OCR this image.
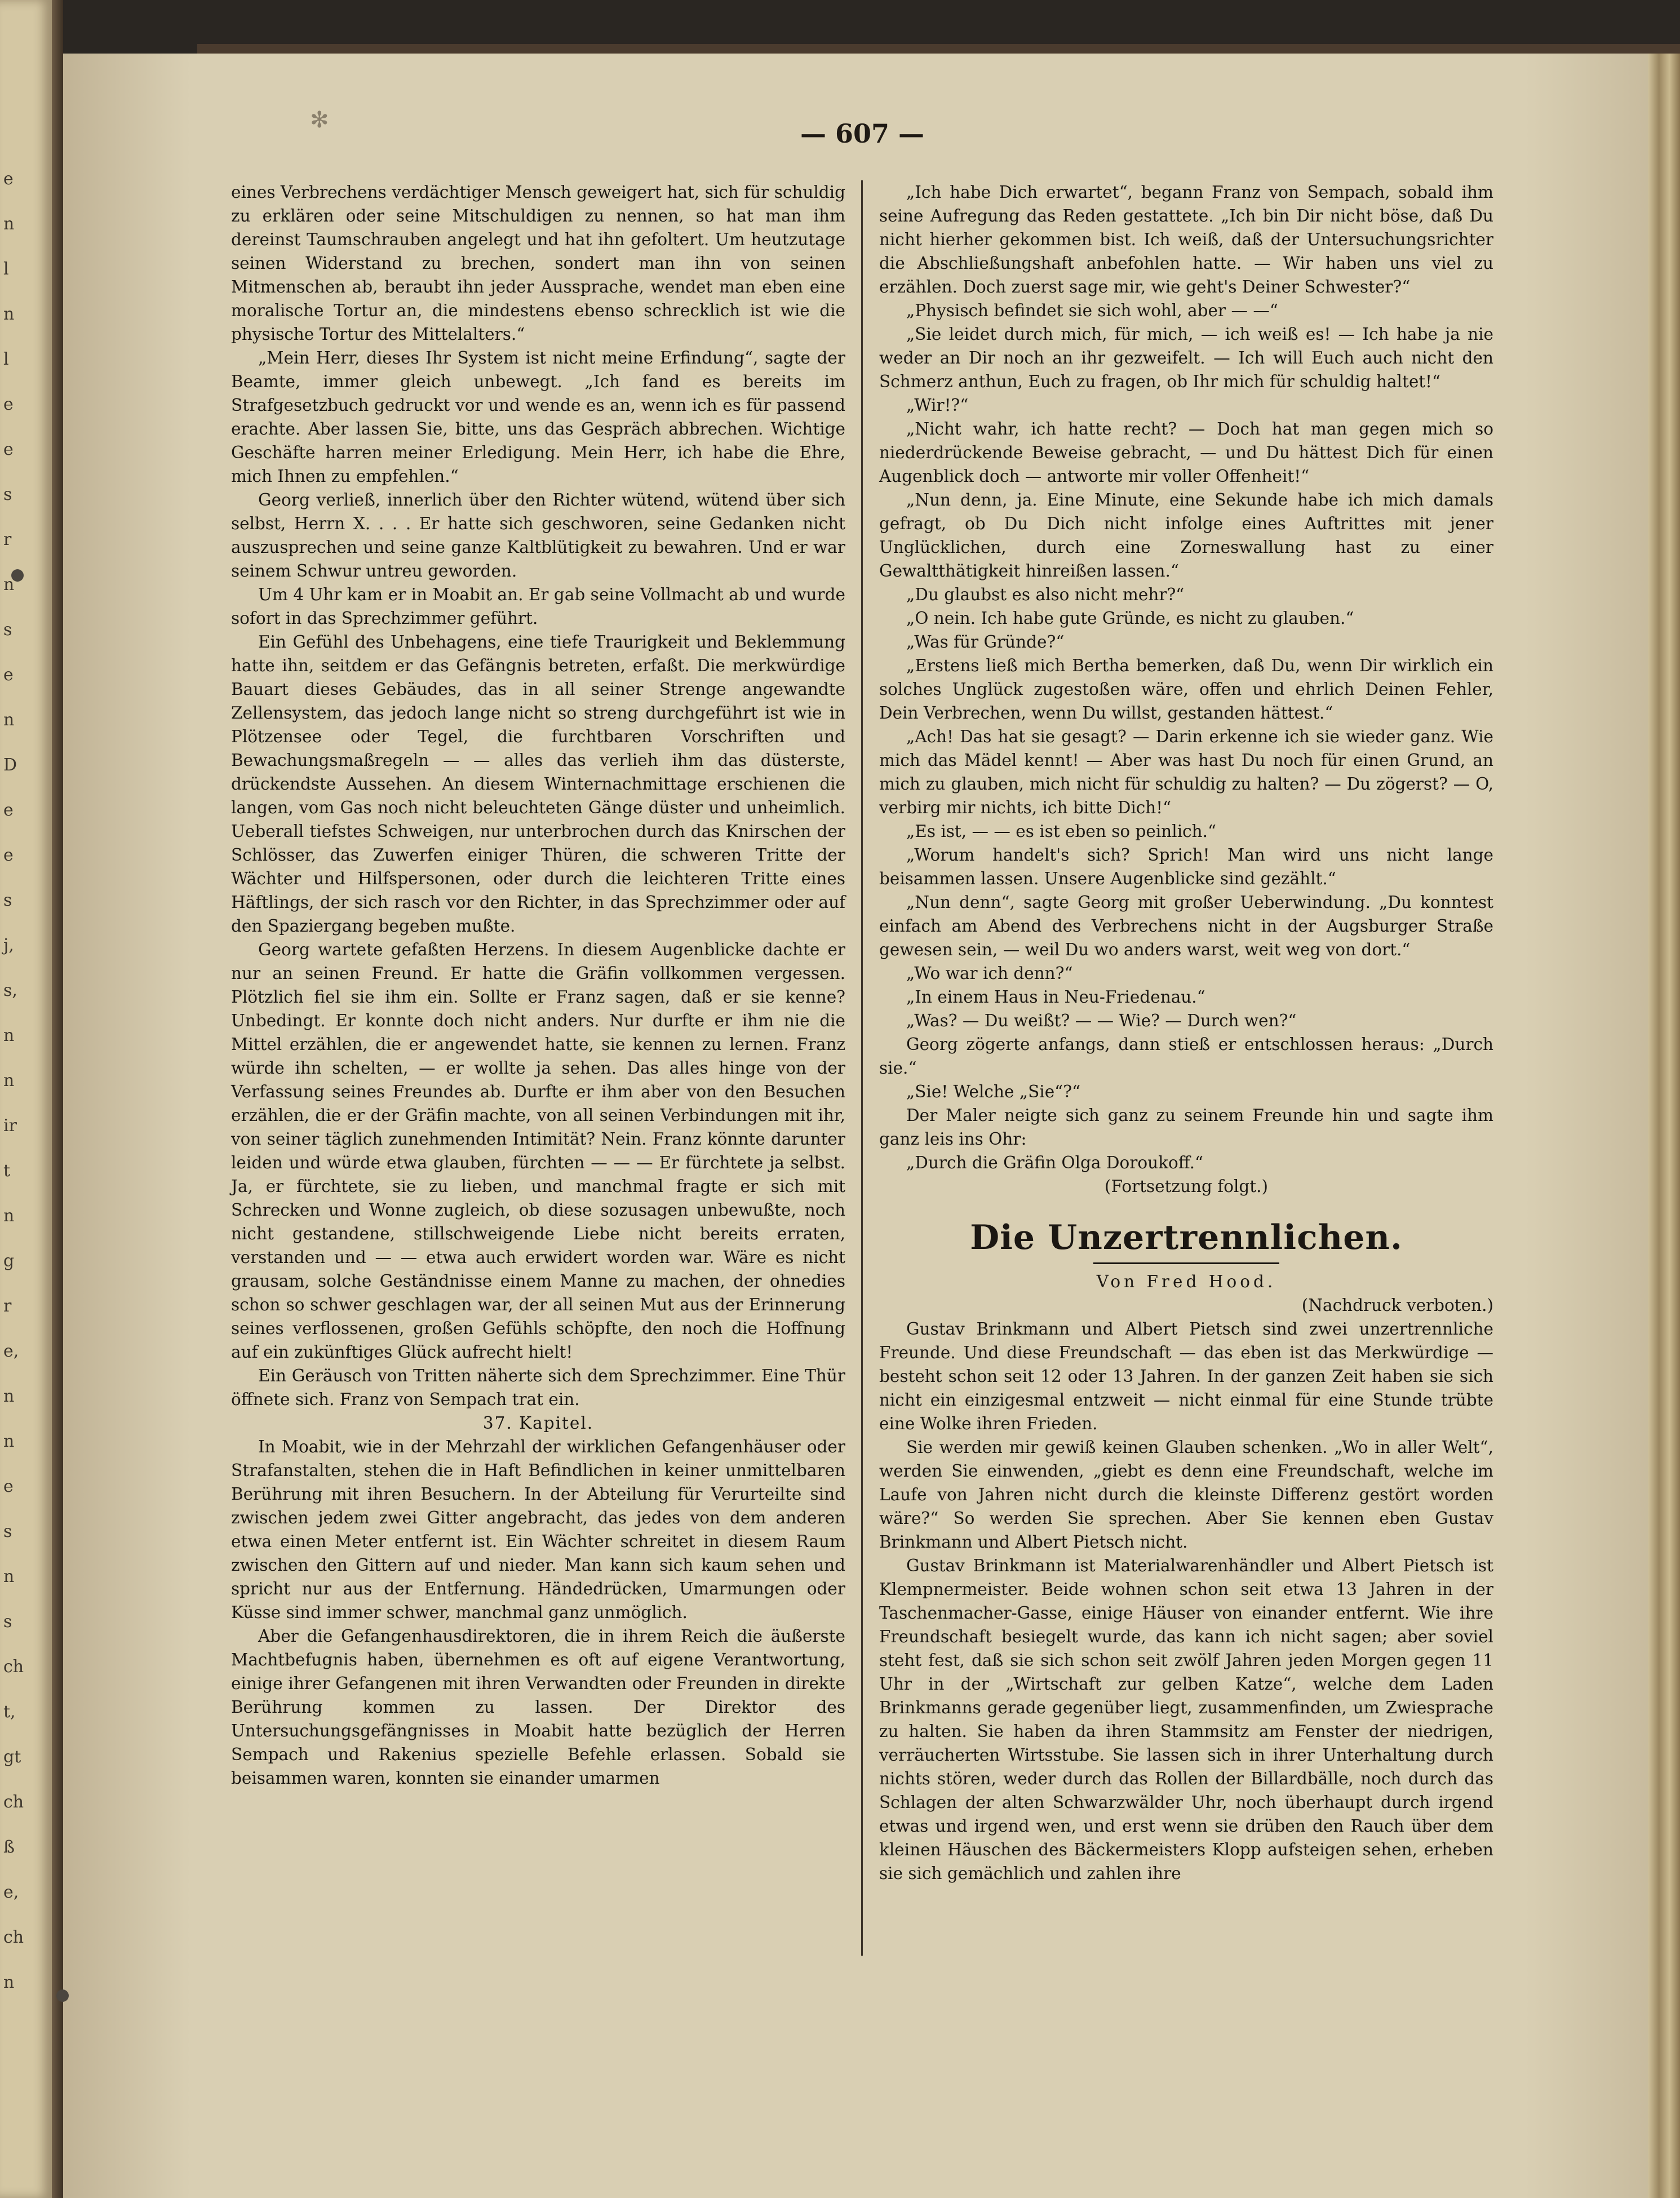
✻	— 607 —

eines Verbrechens verdächtiger Mensch geweigert hat, sich für schuldig zu erklären oder seine Mitschuldigen zu nennen, so hat man ihm dereinst Taumschrauben angelegt und hat ihn gefoltert. Um heutzutage seinen Widerstand zu brechen, sondert man ihn von seinen Mitmenschen ab, beraubt ihn jeder Aussprache, wendet man eben eine moralische Tortur an, die mindestens ebenso schrecklich ist wie die physische Tortur des Mittelalters.“

„Mein Herr, dieses Ihr System ist nicht meine Erfindung“, sagte der Beamte, immer gleich unbewegt. „Ich fand es bereits im Strafgesetzbuch gedruckt vor und wende es an, wenn ich es für passend erachte. Aber lassen Sie, bitte, uns das Gespräch abbrechen. Wichtige Geschäfte harren meiner Erledigung. Mein Herr, ich habe die Ehre, mich Ihnen zu empfehlen.“

Georg verließ, innerlich über den Richter wütend, wütend über sich selbst, Herrn X. . . . Er hatte sich geschworen, seine Gedanken nicht auszusprechen und seine ganze Kaltblütigkeit zu bewahren. Und er war seinem Schwur untreu geworden.

Um 4 Uhr kam er in Moabit an. Er gab seine Vollmacht ab und wurde sofort in das Sprechzimmer geführt.

Ein Gefühl des Unbehagens, eine tiefe Traurigkeit und Beklemmung hatte ihn, seitdem er das Gefängnis betreten, erfaßt. Die merkwürdige Bauart dieses Gebäudes, das in all seiner Strenge angewandte Zellensystem, das jedoch lange nicht so streng durchgeführt ist wie in Plötzensee oder Tegel, die furchtbaren Vorschriften und Bewachungsmaßregeln — — alles das verlieh ihm das düsterste, drückendste Aussehen. An diesem Winternachmittage erschienen die langen, vom Gas noch nicht beleuchteten Gänge düster und unheimlich. Ueberall tiefstes Schweigen, nur unterbrochen durch das Knirschen der Schlösser, das Zuwerfen einiger Thüren, die schweren Tritte der Wächter und Hilfspersonen, oder durch die leichteren Tritte eines Häftlings, der sich rasch vor den Richter, in das Sprechzimmer oder auf den Spaziergang begeben mußte.

Georg wartete gefaßten Herzens. In diesem Augenblicke dachte er nur an seinen Freund. Er hatte die Gräfin vollkommen vergessen. Plötzlich fiel sie ihm ein. Sollte er Franz sagen, daß er sie kenne? Unbedingt. Er konnte doch nicht anders. Nur durfte er ihm nie die Mittel erzählen, die er angewendet hatte, sie kennen zu lernen. Franz würde ihn schelten, — er wollte ja sehen. Das alles hinge von der Verfassung seines Freundes ab. Durfte er ihm aber von den Besuchen erzählen, die er der Gräfin machte, von all seinen Verbindungen mit ihr, von seiner täglich zunehmenden Intimität? Nein. Franz könnte darunter leiden und würde etwa glauben, fürchten — — — Er fürchtete ja selbst. Ja, er fürchtete, sie zu lieben, und manchmal fragte er sich mit Schrecken und Wonne zugleich, ob diese sozusagen unbewußte, noch nicht gestandene, stillschweigende Liebe nicht bereits erraten, verstanden und — — etwa auch erwidert worden war. Wäre es nicht grausam, solche Geständnisse einem Manne zu machen, der ohnedies schon so schwer geschlagen war, der all seinen Mut aus der Erinnerung seines verflossenen, großen Gefühls schöpfte, den noch die Hoffnung auf ein zukünftiges Glück aufrecht hielt!

Ein Geräusch von Tritten näherte sich dem Sprechzimmer. Eine Thür öffnete sich. Franz von Sempach trat ein.

37. Kapitel.

In Moabit, wie in der Mehrzahl der wirklichen Gefangenhäuser oder Strafanstalten, stehen die in Haft Befindlichen in keiner unmittelbaren Berührung mit ihren Besuchern. In der Abteilung für Verurteilte sind zwischen jedem zwei Gitter angebracht, das jedes von dem anderen etwa einen Meter entfernt ist. Ein Wächter schreitet in diesem Raum zwischen den Gittern auf und nieder. Man kann sich kaum sehen und spricht nur aus der Entfernung. Händedrücken, Umarmungen oder Küsse sind immer schwer, manchmal ganz unmöglich.

Aber die Gefangenhausdirektoren, die in ihrem Reich die äußerste Machtbefugnis haben, übernehmen es oft auf eigene Verantwortung, einige ihrer Gefangenen mit ihren Verwandten oder Freunden in direkte Berührung kommen zu lassen. Der Direktor des Untersuchungsgefängnisses in Moabit hatte bezüglich der Herren Sempach und Rakenius spezielle Befehle erlassen. Sobald sie beisammen waren, konnten sie einander umarmen

„Ich habe Dich erwartet“, begann Franz von Sempach, sobald ihm seine Aufregung das Reden gestattete. „Ich bin Dir nicht böse, daß Du nicht hierher gekommen bist. Ich weiß, daß der Untersuchungsrichter die Abschließungshaft anbefohlen hatte. — Wir haben uns viel zu erzählen. Doch zuerst sage mir, wie geht's Deiner Schwester?“

„Physisch befindet sie sich wohl, aber — —“

„Sie leidet durch mich, für mich, — ich weiß es! — Ich habe ja nie weder an Dir noch an ihr gezweifelt. — Ich will Euch auch nicht den Schmerz anthun, Euch zu fragen, ob Ihr mich für schuldig haltet!“

„Wir!?“

„Nicht wahr, ich hatte recht? — Doch hat man gegen mich so niederdrückende Beweise gebracht, — und Du hättest Dich für einen Augenblick doch — antworte mir voller Offenheit!“

„Nun denn, ja. Eine Minute, eine Sekunde habe ich mich damals gefragt, ob Du Dich nicht infolge eines Auftrittes mit jener Unglücklichen, durch eine Zorneswallung hast zu einer Gewaltthätigkeit hinreißen lassen.“

„Du glaubst es also nicht mehr?“

„O nein. Ich habe gute Gründe, es nicht zu glauben.“

„Was für Gründe?“

„Erstens ließ mich Bertha bemerken, daß Du, wenn Dir wirklich ein solches Unglück zugestoßen wäre, offen und ehrlich Deinen Fehler, Dein Verbrechen, wenn Du willst, gestanden hättest.“

„Ach! Das hat sie gesagt? — Darin erkenne ich sie wieder ganz. Wie mich das Mädel kennt! — Aber was hast Du noch für einen Grund, an mich zu glauben, mich nicht für schuldig zu halten? — Du zögerst? — O, verbirg mir nichts, ich bitte Dich!“

„Es ist, — — es ist eben so peinlich.“

„Worum handelt's sich? Sprich! Man wird uns nicht lange beisammen lassen. Unsere Augenblicke sind gezählt.“

„Nun denn“, sagte Georg mit großer Ueberwindung. „Du konntest einfach am Abend des Verbrechens nicht in der Augsburger Straße gewesen sein, — weil Du wo anders warst, weit weg von dort.“

„Wo war ich denn?“

„In einem Haus in Neu-Friedenau.“

„Was? — Du weißt? — — Wie? — Durch wen?“

Georg zögerte anfangs, dann stieß er entschlossen heraus: „Durch sie.“

„Sie! Welche „Sie“?“

Der Maler neigte sich ganz zu seinem Freunde hin und sagte ihm ganz leis ins Ohr:

„Durch die Gräfin Olga Doroukoff.“

(Fortsetzung folgt.)

Die Unzertrennlichen.

Von Fred Hood.

(Nachdruck verboten.)

Gustav Brinkmann und Albert Pietsch sind zwei unzertrennliche Freunde. Und diese Freundschaft — das eben ist das Merkwürdige — besteht schon seit 12 oder 13 Jahren. In der ganzen Zeit haben sie sich nicht ein einzigesmal entzweit — nicht einmal für eine Stunde trübte eine Wolke ihren Frieden.

Sie werden mir gewiß keinen Glauben schenken. „Wo in aller Welt“, werden Sie einwenden, „giebt es denn eine Freundschaft, welche im Laufe von Jahren nicht durch die kleinste Differenz gestört worden wäre?“ So werden Sie sprechen. Aber Sie kennen eben Gustav Brinkmann und Albert Pietsch nicht.

Gustav Brinkmann ist Materialwarenhändler und Albert Pietsch ist Klempnermeister. Beide wohnen schon seit etwa 13 Jahren in der Taschenmacher-Gasse, einige Häuser von einander entfernt. Wie ihre Freundschaft besiegelt wurde, das kann ich nicht sagen; aber soviel steht fest, daß sie sich schon seit zwölf Jahren jeden Morgen gegen 11 Uhr in der „Wirtschaft zur gelben Katze“, welche dem Laden Brinkmanns gerade gegenüber liegt, zusammenfinden, um Zwiesprache zu halten. Sie haben da ihren Stammsitz am Fenster der niedrigen, verräucherten Wirtsstube. Sie lassen sich in ihrer Unterhaltung durch nichts stören, weder durch das Rollen der Billardbälle, noch durch das Schlagen der alten Schwarzwälder Uhr, noch überhaupt durch irgend etwas und irgend wen, und erst wenn sie drüben den Rauch über dem kleinen Häuschen des Bäckermeisters Klopp aufsteigen sehen, erheben sie sich gemächlich und zahlen ihre

e
n
l
n
l
e
e
s
r
n
s
e
n
D
e
e
s
j,
s,
n
n
ir
t
n
g
r
e,
n
n
e
s
n
s
ch
t,
gt
ch
ß
e,
ch
n
